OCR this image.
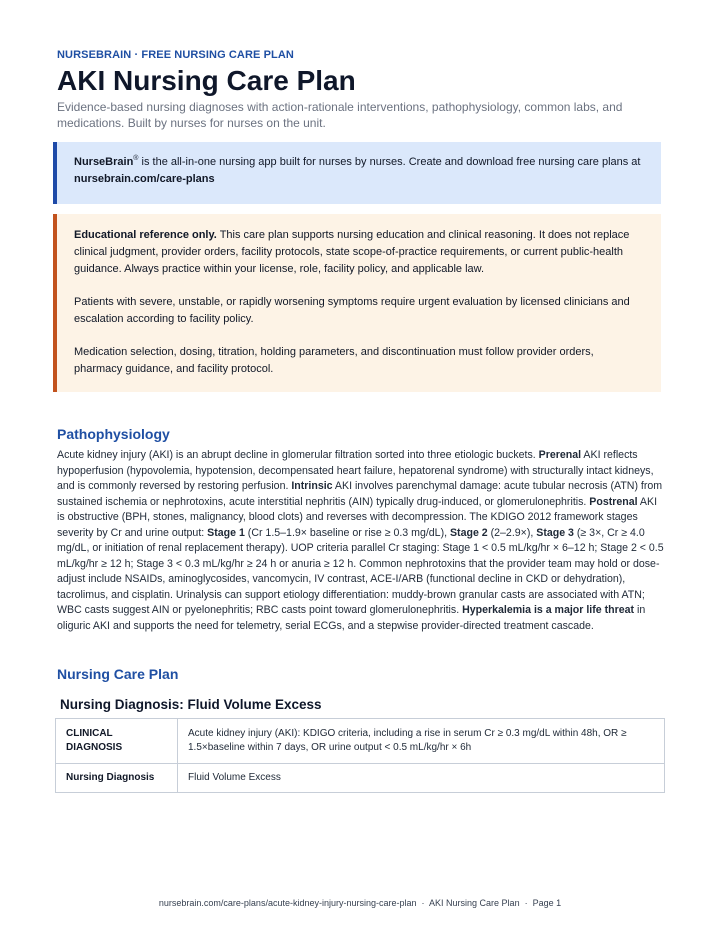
NURSEBRAIN · FREE NURSING CARE PLAN
AKI Nursing Care Plan
Evidence-based nursing diagnoses with action-rationale interventions, pathophysiology, common labs, and medications. Built by nurses for nurses on the unit.

NurseBrain® is the all-in-one nursing app built for nurses by nurses. Create and download free nursing care plans at nursebrain.com/care-plans

Educational reference only. This care plan supports nursing education and clinical reasoning. It does not replace clinical judgment, provider orders, facility protocols, state scope-of-practice requirements, or current public-health guidance. Always practice within your license, role, facility policy, and applicable law.

Patients with severe, unstable, or rapidly worsening symptoms require urgent evaluation by licensed clinicians and escalation according to facility policy.

Medication selection, dosing, titration, holding parameters, and discontinuation must follow provider orders, pharmacy guidance, and facility protocol.

Pathophysiology
Acute kidney injury (AKI) is an abrupt decline in glomerular filtration sorted into three etiologic buckets. Prerenal AKI reflects hypoperfusion (hypovolemia, hypotension, decompensated heart failure, hepatorenal syndrome) with structurally intact kidneys, and is commonly reversed by restoring perfusion. Intrinsic AKI involves parenchymal damage: acute tubular necrosis (ATN) from sustained ischemia or nephrotoxins, acute interstitial nephritis (AIN) typically drug-induced, or glomerulonephritis. Postrenal AKI is obstructive (BPH, stones, malignancy, blood clots) and reverses with decompression. The KDIGO 2012 framework stages severity by Cr and urine output: Stage 1 (Cr 1.5–1.9× baseline or rise ≥ 0.3 mg/dL), Stage 2 (2–2.9×), Stage 3 (≥ 3×, Cr ≥ 4.0 mg/dL, or initiation of renal replacement therapy). UOP criteria parallel Cr staging: Stage 1 < 0.5 mL/kg/hr × 6–12 h; Stage 2 < 0.5 mL/kg/hr ≥ 12 h; Stage 3 < 0.3 mL/kg/hr ≥ 24 h or anuria ≥ 12 h. Common nephrotoxins that the provider team may hold or dose-adjust include NSAIDs, aminoglycosides, vancomycin, IV contrast, ACE-I/ARB (functional decline in CKD or dehydration), tacrolimus, and cisplatin. Urinalysis can support etiology differentiation: muddy-brown granular casts are associated with ATN; WBC casts suggest AIN or pyelonephritis; RBC casts point toward glomerulonephritis. Hyperkalemia is a major life threat in oliguric AKI and supports the need for telemetry, serial ECGs, and a stepwise provider-directed treatment cascade.
Nursing Care Plan
Nursing Diagnosis: Fluid Volume Excess
CLINICAL DIAGNOSIS	Acute kidney injury (AKI): KDIGO criteria, including a rise in serum Cr ≥ 0.3 mg/dL within 48h, OR ≥ 1.5×baseline within 7 days, OR urine output < 0.5 mL/kg/hr × 6h
Nursing Diagnosis	Fluid Volume Excess
nursebrain.com/care-plans/acute-kidney-injury-nursing-care-plan  ·  AKI Nursing Care Plan  ·  Page 1
